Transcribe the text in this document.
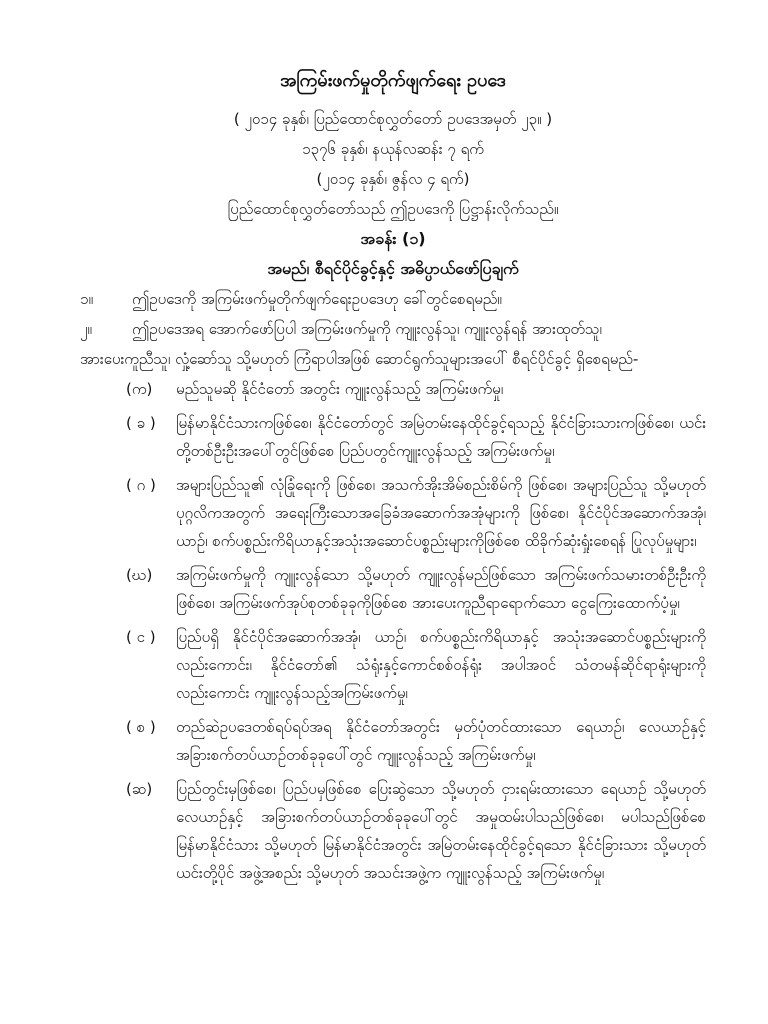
အကြမ်းဖက်မှုတိုက်ဖျက်ရေး ဥပဒေ
( ၂၀၁၄ ခုနှစ်၊ ပြည်ထောင်စုလွှတ်တော် ဥပဒေအမှတ် ၂၃။ )
၁၃၇၆ ခုနှစ်၊ နယုန်လဆန်း ၇ ရက်
(၂၀၁၄ ခုနှစ်၊ ဇွန်လ ၄ ရက်)
ပြည်ထောင်စုလွှတ်တော်သည် ဤဥပဒေကို ပြဋ္ဌာန်းလိုက်သည်။
အခန်း (၁)
အမည်၊ စီရင်ပိုင်ခွင့်နှင့် အဓိပ္ပာယ်ဖော်ပြချက်
၁။	ဤဥပဒေကို အကြမ်းဖက်မှုတိုက်ဖျက်ရေးဥပဒေဟု ခေါ်တွင်စေရမည်။
၂။	ဤဥပဒေအရ အောက်ဖော်ပြပါ အကြမ်းဖက်မှုကို ကျူးလွန်သူ၊ ကျူးလွန်ရန် အားထုတ်သူ၊
အားပေးကူညီသူ၊ လှုံ့ဆော်သူ သို့မဟုတ် ကြံရာပါအဖြစ် ဆောင်ရွက်သူများအပေါ် စီရင်ပိုင်ခွင့် ရှိစေရမည်-
(က)	မည်သူမဆို နိုင်ငံတော် အတွင်း ကျူးလွန်သည့် အကြမ်းဖက်မှု၊
( ခ )	မြန်မာနိုင်ငံသားကဖြစ်စေ၊ နိုင်ငံတော်တွင် အမြဲတမ်းနေထိုင်ခွင့်ရသည့် နိုင်ငံခြားသားကဖြစ်စေ၊ ယင်းတို့တစ်ဦးဦးအပေါ်တွင်ဖြစ်စေ ပြည်ပတွင်ကျူးလွန်သည့် အကြမ်းဖက်မှု၊
( ဂ )	အများပြည်သူ၏ လုံခြုံရေးကို ဖြစ်စေ၊ အသက်အိုးအိမ်စည်းစိမ်ကို ဖြစ်စေ၊ အများပြည်သူ သို့မဟုတ် ပုဂ္ဂလိကအတွက် အရေးကြီးသောအခြေခံအဆောက်အအုံများကို ဖြစ်စေ၊ နိုင်ငံပိုင်အဆောက်အအုံ၊ ယာဉ်၊ စက်ပစ္စည်းကိရိယာနှင့်အသုံးအဆောင်ပစ္စည်းများကိုဖြစ်စေ ထိခိုက်ဆုံးရှုံးစေရန် ပြုလုပ်မှုများ၊
(ဃ)	အကြမ်းဖက်မှုကို ကျူးလွန်သော သို့မဟုတ် ကျူးလွန်မည်ဖြစ်သော အကြမ်းဖက်သမားတစ်ဦးဦးကိုဖြစ်စေ၊ အကြမ်းဖက်အုပ်စုတစ်ခုခုကိုဖြစ်စေ အားပေးကူညီရာရောက်သော ငွေကြေးထောက်ပံ့မှု၊
( င )	ပြည်ပရှိ နိုင်ငံပိုင်အဆောက်အအုံ၊ ယာဉ်၊ စက်ပစ္စည်းကိရိယာနှင့် အသုံးအဆောင်ပစ္စည်းများကိုလည်းကောင်း၊ နိုင်ငံတော်၏ သံရုံးနှင့်ကောင်စစ်ဝန်ရုံး အပါအဝင် သံတမန်ဆိုင်ရာရုံးများကိုလည်းကောင်း ကျူးလွန်သည့်အကြမ်းဖက်မှု၊
( စ )	တည်ဆဲဥပဒေတစ်ရပ်ရပ်အရ နိုင်ငံတော်အတွင်း မှတ်ပုံတင်ထားသော ရေယာဉ်၊ လေယာဉ်နှင့် အခြားစက်တပ်ယာဉ်တစ်ခုခုပေါ်တွင် ကျူးလွန်သည့် အကြမ်းဖက်မှု၊
(ဆ)	ပြည်တွင်းမှဖြစ်စေ၊ ပြည်ပမှဖြစ်စေ ပြေးဆွဲသော သို့မဟုတ် ငှားရမ်းထားသော ရေယာဉ် သို့မဟုတ် လေယာဉ်နှင့် အခြားစက်တပ်ယာဉ်တစ်ခုခုပေါ်တွင် အမှုထမ်းပါသည်ဖြစ်စေ၊ မပါသည်ဖြစ်စေ မြန်မာနိုင်ငံသား သို့မဟုတ် မြန်မာနိုင်ငံအတွင်း အမြဲတမ်းနေထိုင်ခွင့်ရသော နိုင်ငံခြားသား သို့မဟုတ် ယင်းတို့ပိုင် အဖွဲ့အစည်း သို့မဟုတ် အသင်းအဖွဲ့က ကျူးလွန်သည့် အကြမ်းဖက်မှု၊
